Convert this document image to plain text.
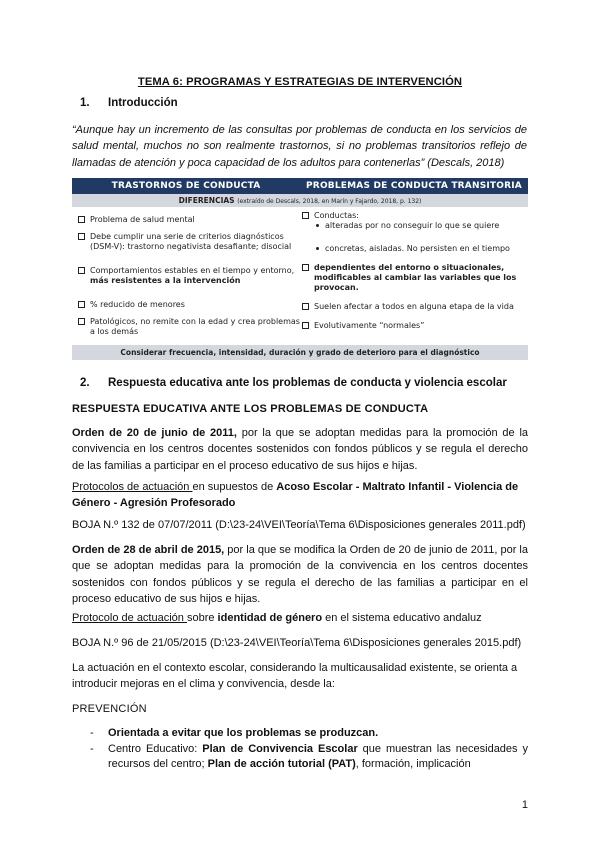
TEMA 6: PROGRAMAS Y ESTRATEGIAS DE INTERVENCIÓN
1. Introducción
“Aunque hay un incremento de las consultas por problemas de conducta en los servicios de salud mental, muchos no son realmente trastornos, si no problemas transitorios reflejo de llamadas de atención y poca capacidad de los adultos para contenerlas” (Descals, 2018)
TRASTORNOS DE CONDUCTA	PROBLEMAS DE CONDUCTA TRANSITORIA
DIFERENCIAS (extraído de Descals, 2018, en Marín y Fajardo, 2018, p. 132)
Problema de salud mental
Debe cumplir una serie de criterios diagnósticos (DSM-V): trastorno negativista desafiante; disocial
Comportamientos estables en el tiempo y entorno,
más resistentes a la intervención
% reducido de menores
Patológicos, no remite con la edad y crea problemas a los demás
Conductas:
alteradas por no conseguir lo que se quiere
concretas, aisladas. No persisten en el tiempo
dependientes del entorno o situacionales, modificables al cambiar las variables que los provocan.
Suelen afectar a todos en alguna etapa de la vida
Evolutivamente “normales”
Considerar frecuencia, intensidad, duración y grado de deterioro para el diagnóstico
2. Respuesta educativa ante los problemas de conducta y violencia escolar
RESPUESTA EDUCATIVA ANTE LOS PROBLEMAS DE CONDUCTA
Orden de 20 de junio de 2011, por la que se adoptan medidas para la promoción de la convivencia en los centros docentes sostenidos con fondos públicos y se regula el derecho de las familias a participar en el proceso educativo de sus hijos e hijas.
Protocolos de actuación en supuestos de Acoso Escolar - Maltrato Infantil - Violencia de Género - Agresión Profesorado
BOJA N.º 132 de 07/07/2011 (D:\23-24\VEI\Teoría\Tema 6\Disposiciones generales 2011.pdf)
Orden de 28 de abril de 2015, por la que se modifica la Orden de 20 de junio de 2011, por la que se adoptan medidas para la promoción de la convivencia en los centros docentes sostenidos con fondos públicos y se regula el derecho de las familias a participar en el proceso educativo de sus hijos e hijas.
Protocolo de actuación sobre identidad de género en el sistema educativo andaluz
BOJA N.º 96 de 21/05/2015 (D:\23-24\VEI\Teoría\Tema 6\Disposiciones generales 2015.pdf)
La actuación en el contexto escolar, considerando la multicausalidad existente, se orienta a introducir mejoras en el clima y convivencia, desde la:
PREVENCIÓN
- Orientada a evitar que los problemas se produzcan.
- Centro Educativo: Plan de Convivencia Escolar que muestran las necesidades y recursos del centro; Plan de acción tutorial (PAT), formación, implicación
1
